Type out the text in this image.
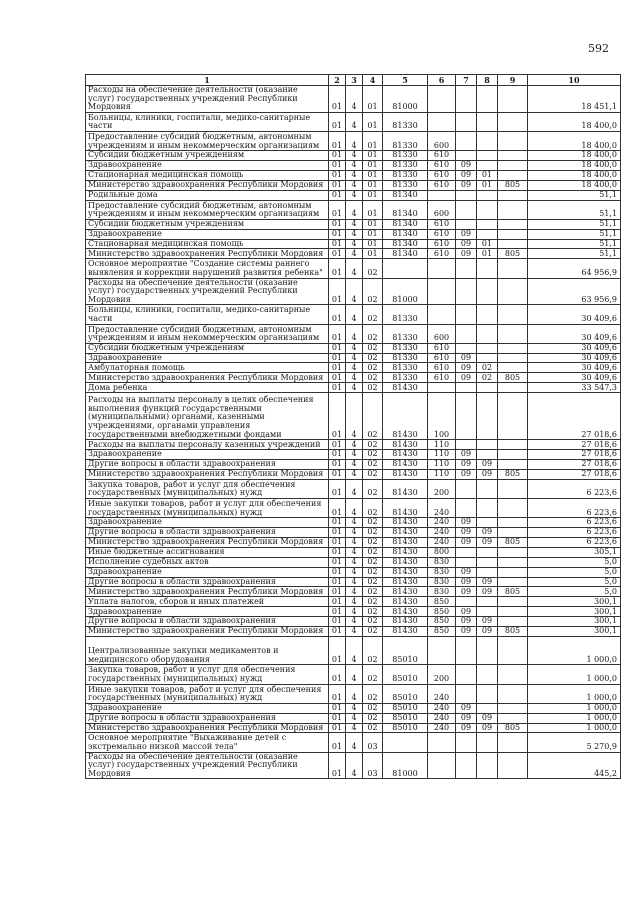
592
1	2	3	4	5	6	7	8	9	10
Расходы на обеспечение деятельности (оказание услуг) государственных учреждений Республики Мордовия	01	4	01	81000					18 451,1
Больницы, клиники, госпитали, медико-санитарные части	01	4	01	81330					18 400,0
Предоставление субсидий бюджетным, автономным учреждениям и иным некоммерческим организациям	01	4	01	81330	600				18 400,0
Субсидии бюджетным учреждениям	01	4	01	81330	610				18 400,0
Здравоохранение	01	4	01	81330	610	09			18 400,0
Стационарная медицинская помощь	01	4	01	81330	610	09	01		18 400,0
Министерство здравоохранения Республики Мордовия	01	4	01	81330	610	09	01	805	18 400,0
Родильные дома	01	4	01	81340					51,1
Предоставление субсидий бюджетным, автономным учреждениям и иным некоммерческим организациям	01	4	01	81340	600				51,1
Субсидии бюджетным учреждениям	01	4	01	81340	610				51,1
Здравоохранение	01	4	01	81340	610	09			51,1
Стационарная медицинская помощь	01	4	01	81340	610	09	01		51,1
Министерство здравоохранения Республики Мордовия	01	4	01	81340	610	09	01	805	51,1
Основное мероприятие "Создание системы раннего выявления и коррекции нарушений развития ребенка"	01	4	02						64 956,9
Расходы на обеспечение деятельности (оказание услуг) государственных учреждений Республики Мордовия	01	4	02	81000					63 956,9
Больницы, клиники, госпитали, медико-санитарные части	01	4	02	81330					30 409,6
Предоставление субсидий бюджетным, автономным учреждениям и иным некоммерческим организациям	01	4	02	81330	600				30 409,6
Субсидии бюджетным учреждениям	01	4	02	81330	610				30 409,6
Здравоохранение	01	4	02	81330	610	09			30 409,6
Амбулаторная помощь	01	4	02	81330	610	09	02		30 409,6
Министерство здравоохранения Республики Мордовия	01	4	02	81330	610	09	02	805	30 409,6
Дома ребенка	01	4	02	81430					33 547,3
Расходы на выплаты персоналу в целях обеспечения выполнения функций государственными (муниципальными) органами, казенными учреждениями, органами управления государственными внебюджетными фондами	01	4	02	81430	100				27 018,6
Расходы на выплаты персоналу казенных учреждений	01	4	02	81430	110				27 018,6
Здравоохранение	01	4	02	81430	110	09			27 018,6
Другие вопросы в области здравоохранения	01	4	02	81430	110	09	09		27 018,6
Министерство здравоохранения Республики Мордовия	01	4	02	81430	110	09	09	805	27 018,6
Закупка товаров, работ и услуг для обеспечения государственных (муниципальных) нужд	01	4	02	81430	200				6 223,6
Иные закупки товаров, работ и услуг для обеспечения государственных (муниципальных) нужд	01	4	02	81430	240				6 223,6
Здравоохранение	01	4	02	81430	240	09			6 223,6
Другие вопросы в области здравоохранения	01	4	02	81430	240	09	09		6 223,6
Министерство здравоохранения Республики Мордовия	01	4	02	81430	240	09	09	805	6 223,6
Иные бюджетные ассигнования	01	4	02	81430	800				305,1
Исполнение судебных актов	01	4	02	81430	830				5,0
Здравоохранение	01	4	02	81430	830	09			5,0
Другие вопросы в области здравоохранения	01	4	02	81430	830	09	09		5,0
Министерство здравоохранения Республики Мордовия	01	4	02	81430	830	09	09	805	5,0
Уплата налогов, сборов и иных платежей	01	4	02	81430	850				300,1
Здравоохранение	01	4	02	81430	850	09			300,1
Другие вопросы в области здравоохранения	01	4	02	81430	850	09	09		300,1
Министерство здравоохранения Республики Мордовия	01	4	02	81430	850	09	09	805	300,1
Централизованные закупки медикаментов и медицинского оборудования	01	4	02	85010					1 000,0
Закупка товаров, работ и услуг для обеспечения государственных (муниципальных) нужд	01	4	02	85010	200				1 000,0
Иные закупки товаров, работ и услуг для обеспечения государственных (муниципальных) нужд	01	4	02	85010	240				1 000,0
Здравоохранение	01	4	02	85010	240	09			1 000,0
Другие вопросы в области здравоохранения	01	4	02	85010	240	09	09		1 000,0
Министерство здравоохранения Республики Мордовия	01	4	02	85010	240	09	09	805	1 000,0
Основное мероприятие "Выхаживание детей с экстремально низкой массой тела"	01	4	03						5 270,9
Расходы на обеспечение деятельности (оказание услуг) государственных учреждений Республики Мордовия	01	4	03	81000					445,2
